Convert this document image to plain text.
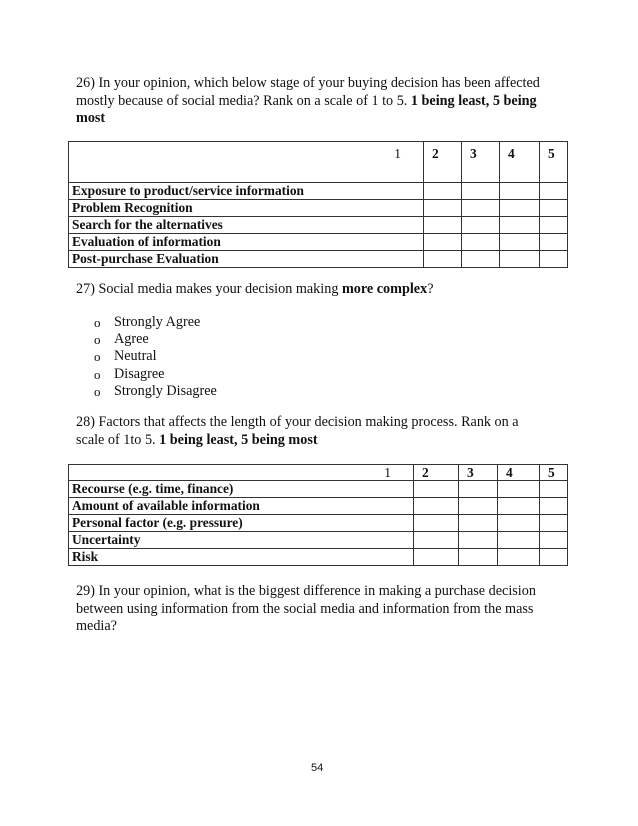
26) In your opinion, which below stage of your buying decision has been affected mostly because of social media? Rank on a scale of 1 to 5. 1 being least, 5 being most
1	2	3	4	5
Exposure to product/service information				
Problem Recognition				
Search for the alternatives				
Evaluation of information				
Post-purchase Evaluation				
27) Social media makes your decision making more complex?
o Strongly Agree
o Agree
o Neutral
o Disagree
o Strongly Disagree
28) Factors that affects the length of your decision making process. Rank on a scale of 1to 5. 1 being least, 5 being most
1	2	3	4	5
Recourse (e.g. time, finance)				
Amount of available information				
Personal factor (e.g. pressure)				
Uncertainty				
Risk				
29) In your opinion, what is the biggest difference in making a purchase decision between using information from the social media and information from the mass media?
54
